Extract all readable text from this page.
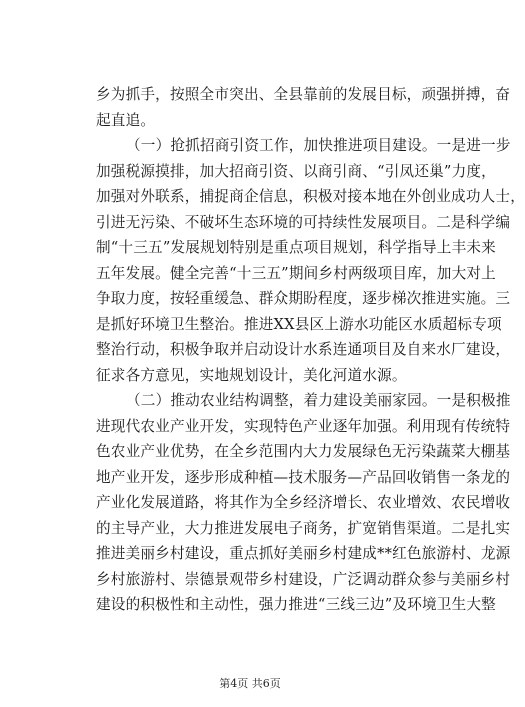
乡为抓手，按照全市突出、全县靠前的发展目标，顽强拼搏，奋
起直追。
（一）抢抓招商引资工作，加快推进项目建设。一是进一步
加强税源摸排，加大招商引资、以商引商、“引凤还巢”力度，
加强对外联系，捕捉商企信息，积极对接本地在外创业成功人士，
引进无污染、不破坏生态环境的可持续性发展项目。二是科学编
制“十三五”发展规划特别是重点项目规划，科学指导上丰未来
五年发展。健全完善“十三五”期间乡村两级项目库，加大对上
争取力度，按轻重缓急、群众期盼程度，逐步梯次推进实施。三
是抓好环境卫生整治。推进XX县区上游水功能区水质超标专项
整治行动，积极争取并启动设计水系连通项目及自来水厂建设，
征求各方意见，实地规划设计，美化河道水源。
（二）推动农业结构调整，着力建设美丽家园。一是积极推
进现代农业产业开发，实现特色产业逐年加强。利用现有传统特
色农业产业优势，在全乡范围内大力发展绿色无污染蔬菜大棚基
地产业开发，逐步形成种植—技术服务—产品回收销售一条龙的
产业化发展道路，将其作为全乡经济增长、农业增效、农民增收
的主导产业，大力推进发展电子商务，扩宽销售渠道。二是扎实
推进美丽乡村建设，重点抓好美丽乡村建成**红色旅游村、龙源
乡村旅游村、崇德景观带乡村建设，广泛调动群众参与美丽乡村
建设的积极性和主动性，强力推进“三线三边”及环境卫生大整
第4页 共6页
